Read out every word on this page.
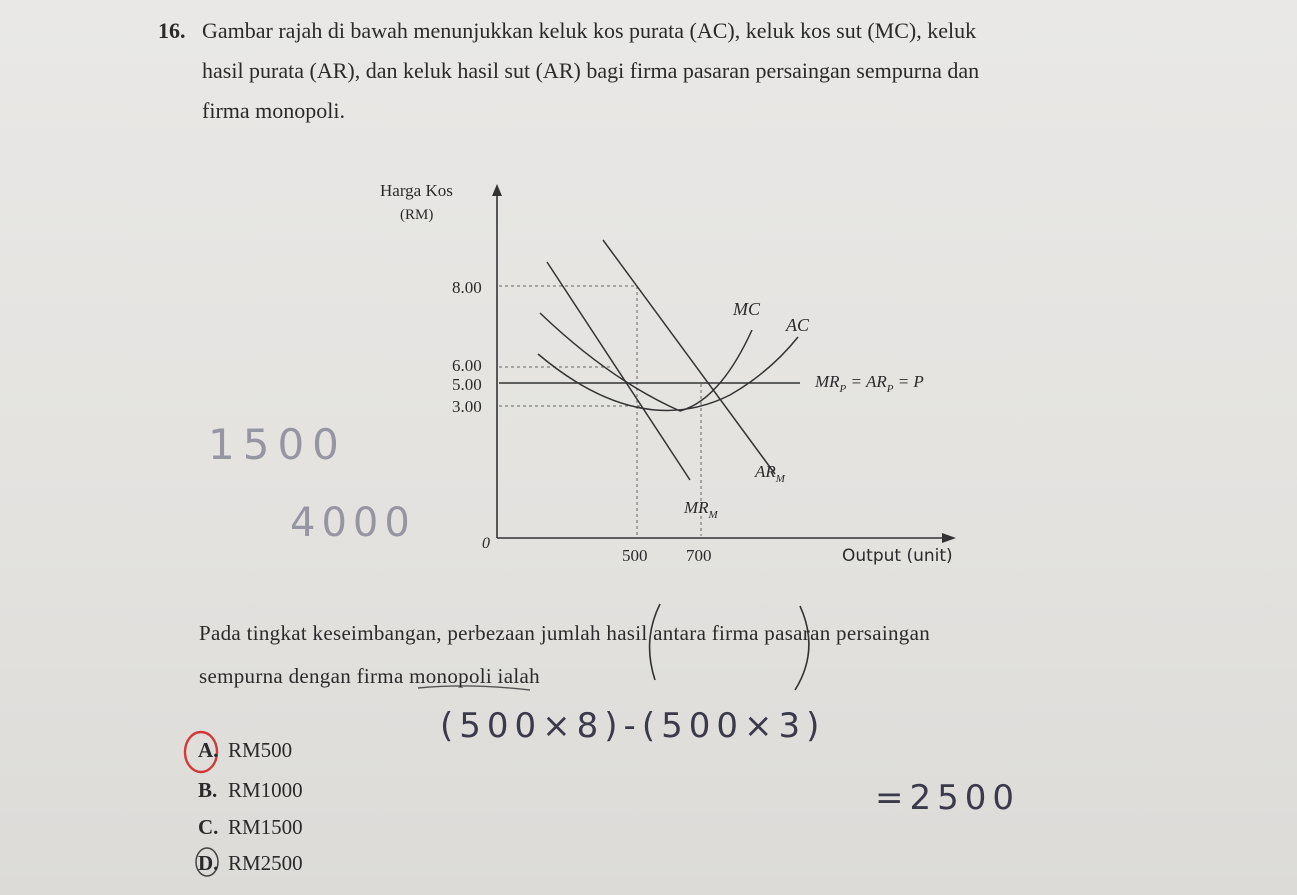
16. Gambar rajah di bawah menunjukkan keluk kos purata (AC), keluk kos sut (MC), keluk
hasil purata (AR), dan keluk hasil sut (AR) bagi firma pasaran persaingan sempurna dan
firma monopoli.
Harga Kos
(RM)
0
8.00
6.00
5.00
3.00
500 700	Output (unit)
MC
AC
$MR_P = AR_P = P$
$AR_M$
$MR_M$
1500
4000
Pada tingkat keseimbangan, perbezaan jumlah hasil antara firma pasaran persaingan
sempurna dengan firma monopoli ialah
A. RM500
B. RM1000
C. RM1500
D. RM2500
(500×8)-(500×3)
=2500
